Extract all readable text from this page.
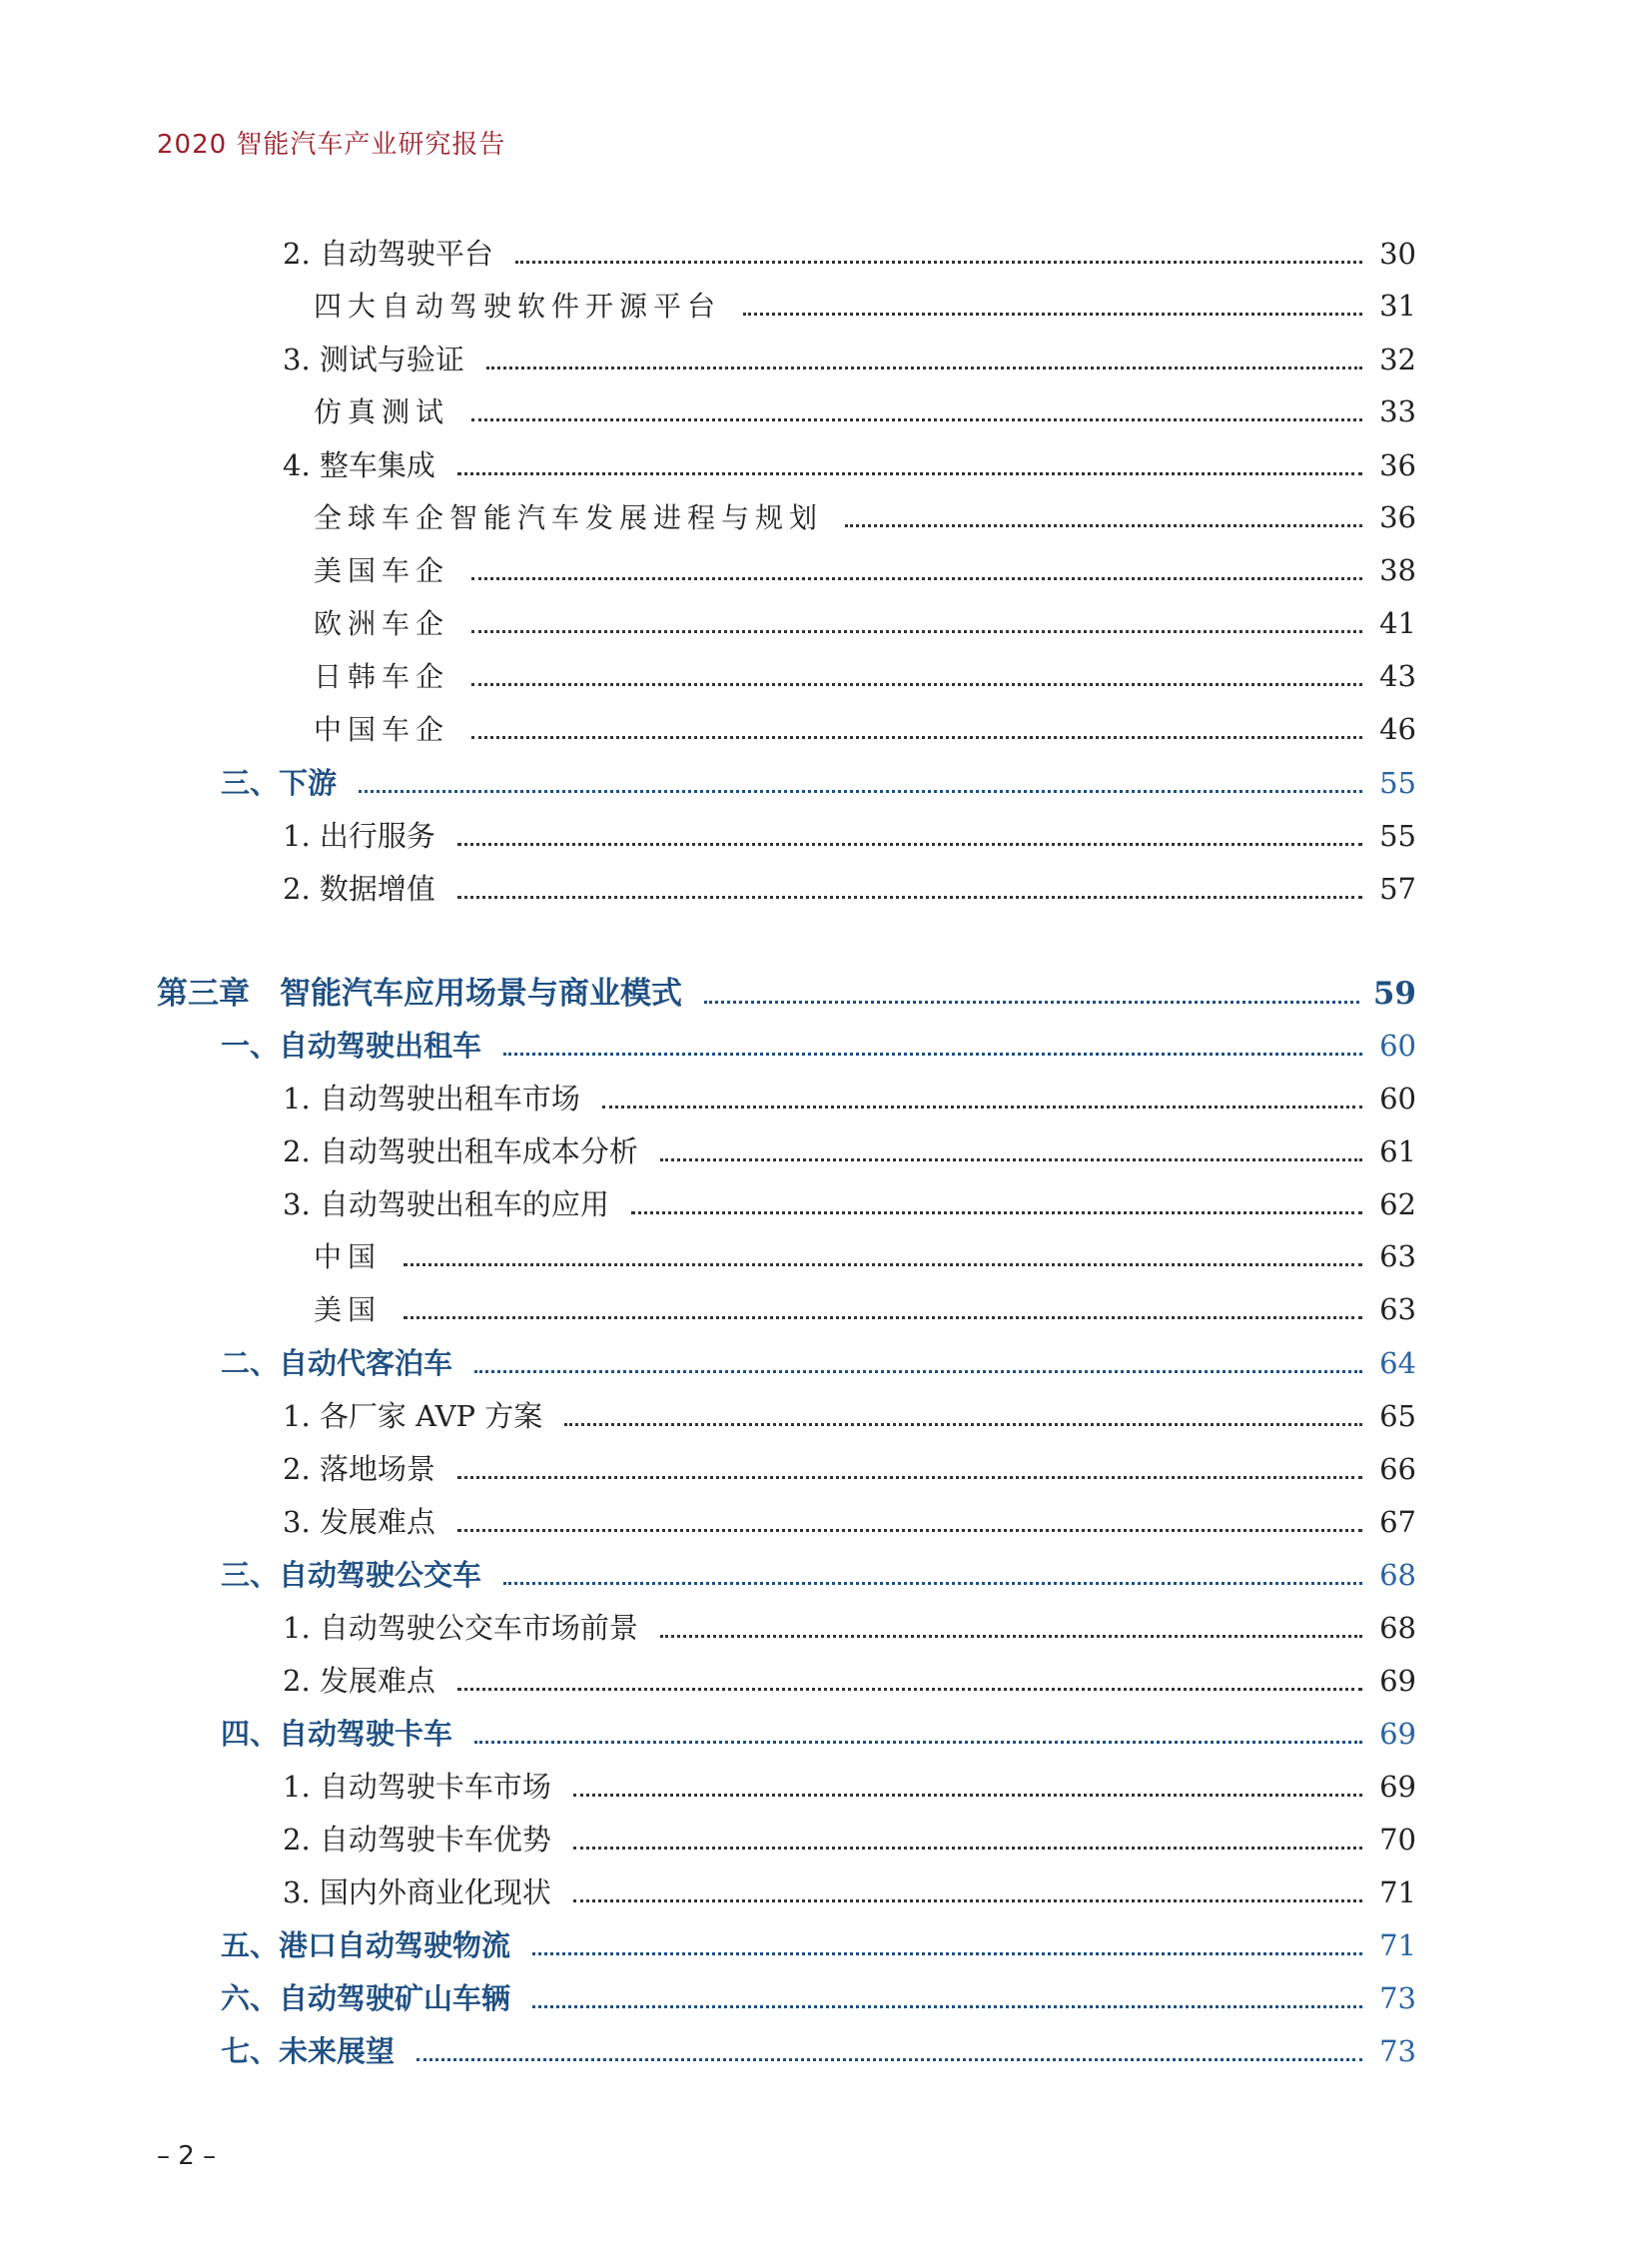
2020 智能汽车产业研究报告
2. 自动驾驶平台	30
四大自动驾驶软件开源平台	31
3. 测试与验证	32
仿真测试	33
4. 整车集成	36
全球车企智能汽车发展进程与规划	36
美国车企	38
欧洲车企	41
日韩车企	43
中国车企	46
三、下游	55
1. 出行服务	55
2. 数据增值	57
第三章 智能汽车应用场景与商业模式	59
一、自动驾驶出租车	60
1. 自动驾驶出租车市场	60
2. 自动驾驶出租车成本分析	61
3. 自动驾驶出租车的应用	62
中国	63
美国	63
二、自动代客泊车	64
1. 各厂家 AVP 方案	65
2. 落地场景	66
3. 发展难点	67
三、自动驾驶公交车	68
1. 自动驾驶公交车市场前景	68
2. 发展难点	69
四、自动驾驶卡车	69
1. 自动驾驶卡车市场	69
2. 自动驾驶卡车优势	70
3. 国内外商业化现状	71
五、港口自动驾驶物流	71
六、自动驾驶矿山车辆	73
七、未来展望	73
– 2 –
